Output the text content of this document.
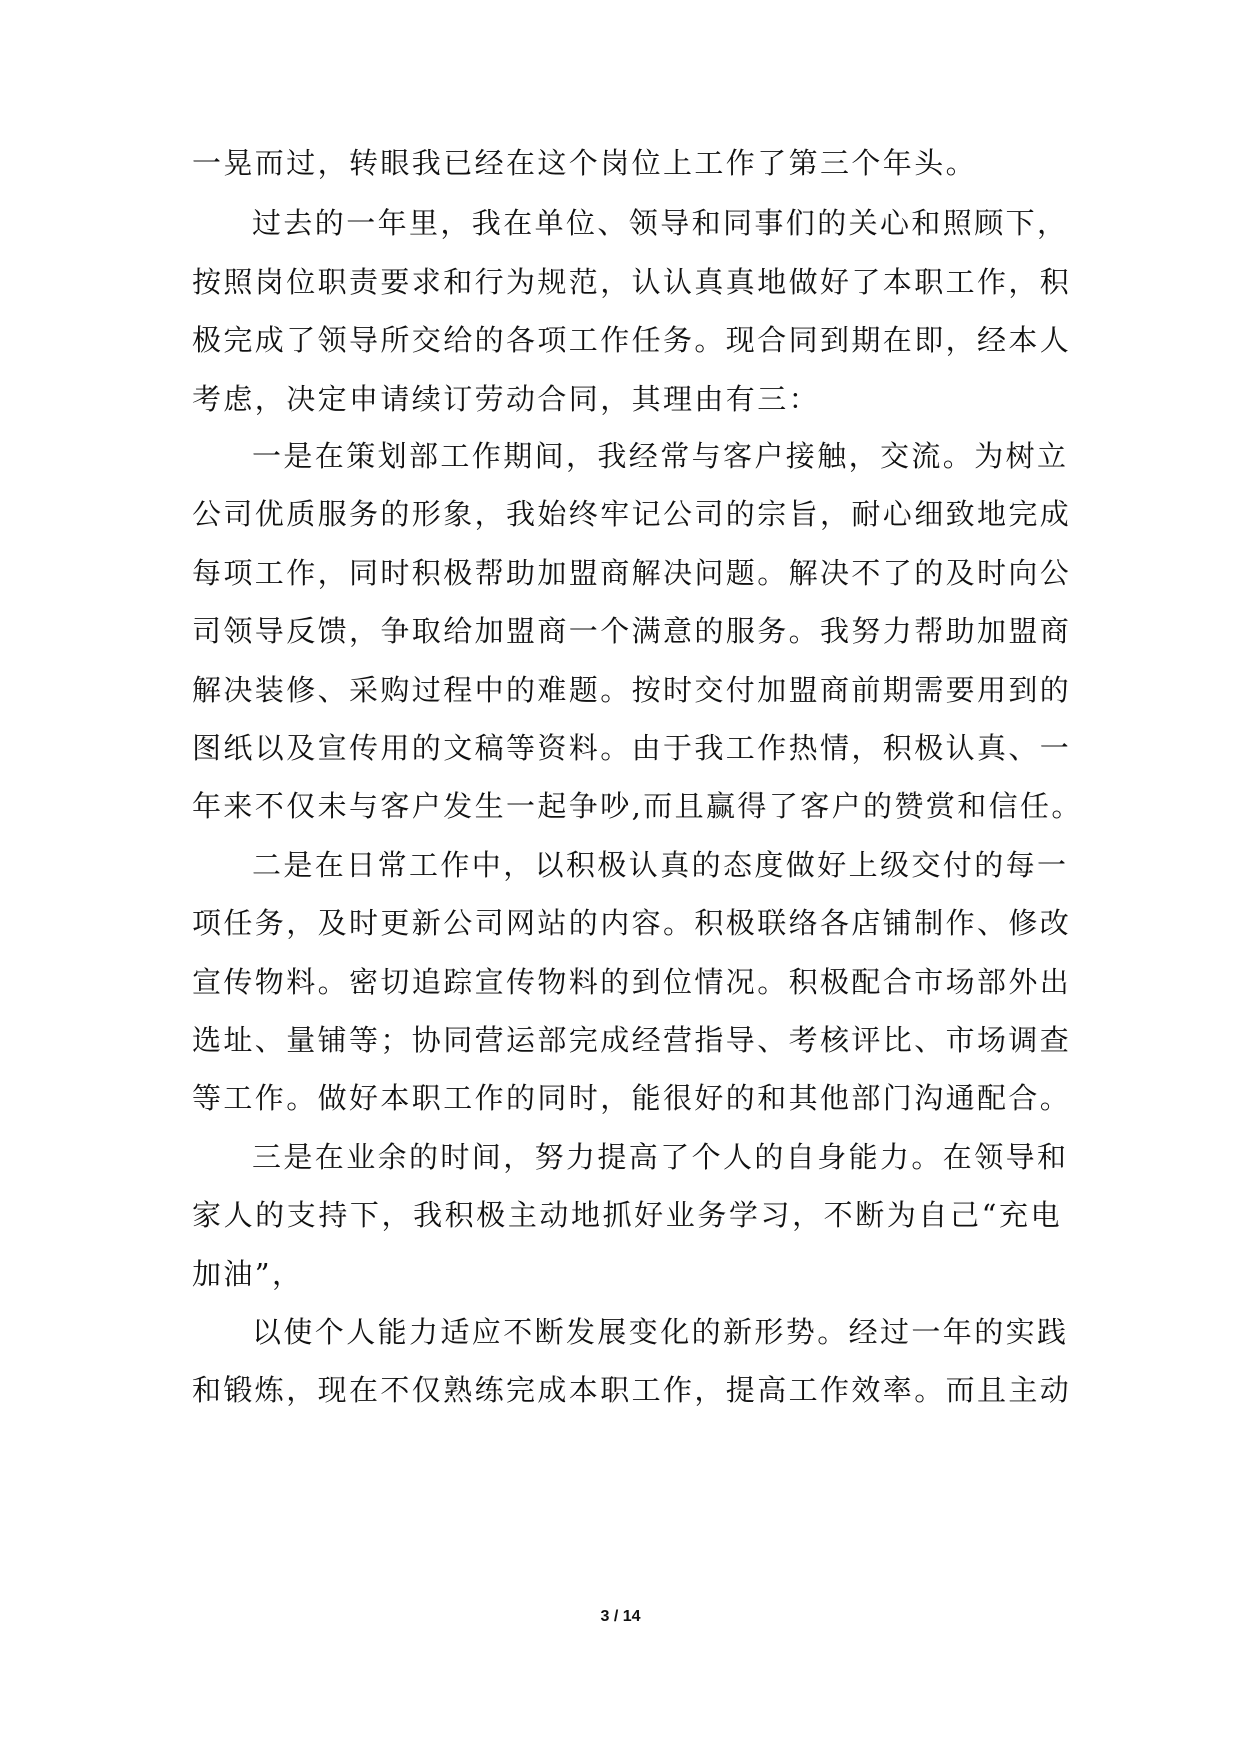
一晃而过，转眼我已经在这个岗位上工作了第三个年头。
过去的一年里，我在单位、领导和同事们的关心和照顾下，
按照岗位职责要求和行为规范，认认真真地做好了本职工作，积
极完成了领导所交给的各项工作任务。现合同到期在即，经本人
考虑，决定申请续订劳动合同，其理由有三：
一是在策划部工作期间，我经常与客户接触，交流。为树立
公司优质服务的形象，我始终牢记公司的宗旨，耐心细致地完成
每项工作，同时积极帮助加盟商解决问题。解决不了的及时向公
司领导反馈，争取给加盟商一个满意的服务。我努力帮助加盟商
解决装修、采购过程中的难题。按时交付加盟商前期需要用到的
图纸以及宣传用的文稿等资料。由于我工作热情，积极认真、一
年来不仅未与客户发生一起争吵,而且赢得了客户的赞赏和信任。
二是在日常工作中，以积极认真的态度做好上级交付的每一
项任务，及时更新公司网站的内容。积极联络各店铺制作、修改
宣传物料。密切追踪宣传物料的到位情况。积极配合市场部外出
选址、量铺等；协同营运部完成经营指导、考核评比、市场调查
等工作。做好本职工作的同时，能很好的和其他部门沟通配合。
三是在业余的时间，努力提高了个人的自身能力。在领导和
家人的支持下，我积极主动地抓好业务学习，不断为自己“充电
加油”，
以使个人能力适应不断发展变化的新形势。经过一年的实践
和锻炼，现在不仅熟练完成本职工作，提高工作效率。而且主动
3 / 14
